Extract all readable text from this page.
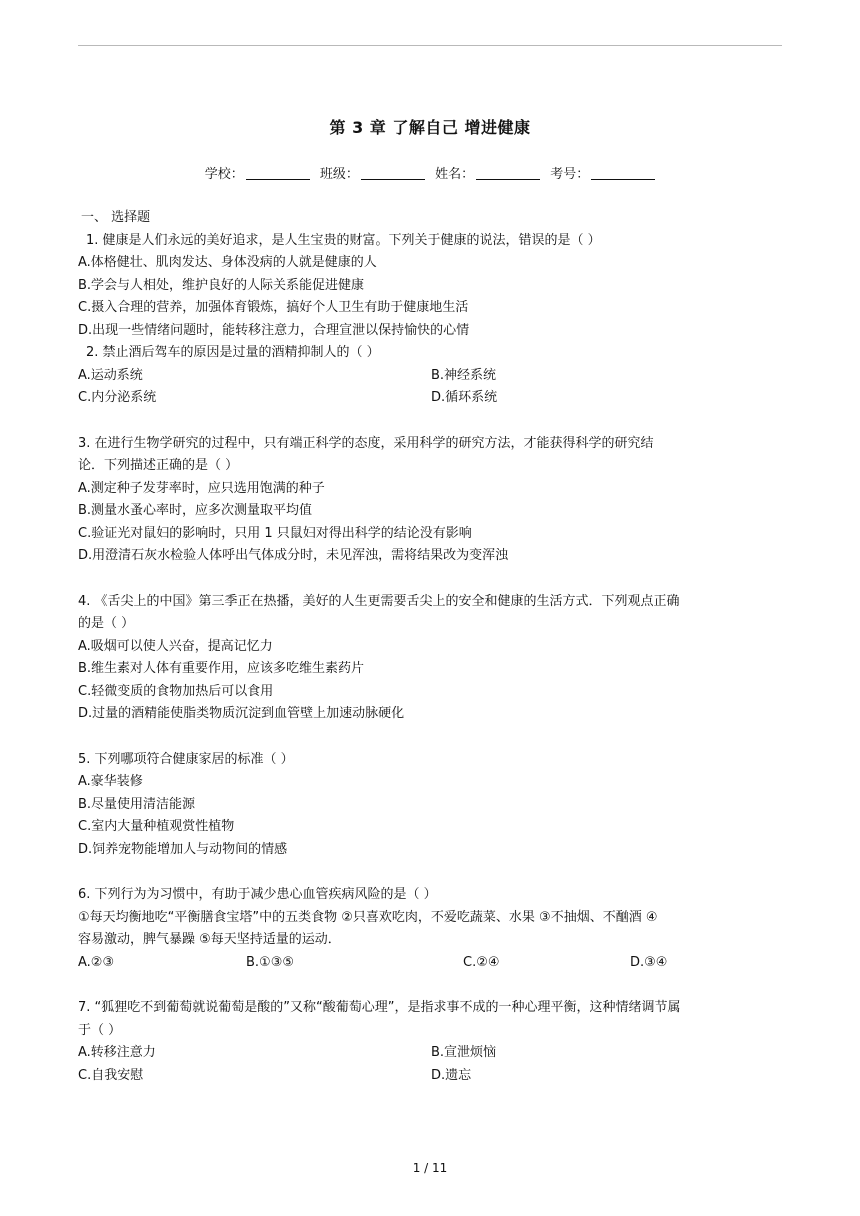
第 3 章 了解自己 增进健康
学校：	班级：	姓名：	考号：
一、 选择题
1. 健康是人们永远的美好追求，是人生宝贵的财富。下列关于健康的说法，错误的是（ ）
A.体格健壮、肌肉发达、身体没病的人就是健康的人
B.学会与人相处，维护良好的人际关系能促进健康
C.摄入合理的营养，加强体育锻炼，搞好个人卫生有助于健康地生活
D.出现一些情绪问题时，能转移注意力，合理宣泄以保持愉快的心情
2. 禁止酒后驾车的原因是过量的酒精抑制人的（ ）
A.运动系统	B.神经系统
C.内分泌系统	D.循环系统
3. 在进行生物学研究的过程中，只有端正科学的态度，采用科学的研究方法，才能获得科学的研究结
论．下列描述正确的是（ ）
A.测定种子发芽率时，应只选用饱满的种子
B.测量水蚤心率时，应多次测量取平均值
C.验证光对鼠妇的影响时，只用 1 只鼠妇对得出科学的结论没有影响
D.用澄清石灰水检验人体呼出气体成分时，未见浑浊，需将结果改为变浑浊
4. 《舌尖上的中国》第三季正在热播，美好的人生更需要舌尖上的安全和健康的生活方式．下列观点正确
的是（ ）
A.吸烟可以使人兴奋，提高记忆力
B.维生素对人体有重要作用，应该多吃维生素药片
C.轻微变质的食物加热后可以食用
D.过量的酒精能使脂类物质沉淀到血管壁上加速动脉硬化
5. 下列哪项符合健康家居的标准（ ）
A.豪华装修
B.尽量使用清洁能源
C.室内大量种植观赏性植物
D.饲养宠物能增加人与动物间的情感
6. 下列行为为习惯中，有助于减少患心血管疾病风险的是（ ）
①每天均衡地吃“平衡膳食宝塔”中的五类食物 ②只喜欢吃肉，不爱吃蔬菜、水果 ③不抽烟、不酗酒 ④
容易激动，脾气暴躁 ⑤每天坚持适量的运动．
A.②③	B.①③⑤	C.②④	D.③④
7. “狐狸吃不到葡萄就说葡萄是酸的”又称“酸葡萄心理”，是指求事不成的一种心理平衡，这种情绪调节属
于（ ）
A.转移注意力	B.宣泄烦恼
C.自我安慰	D.遗忘
1 / 11
